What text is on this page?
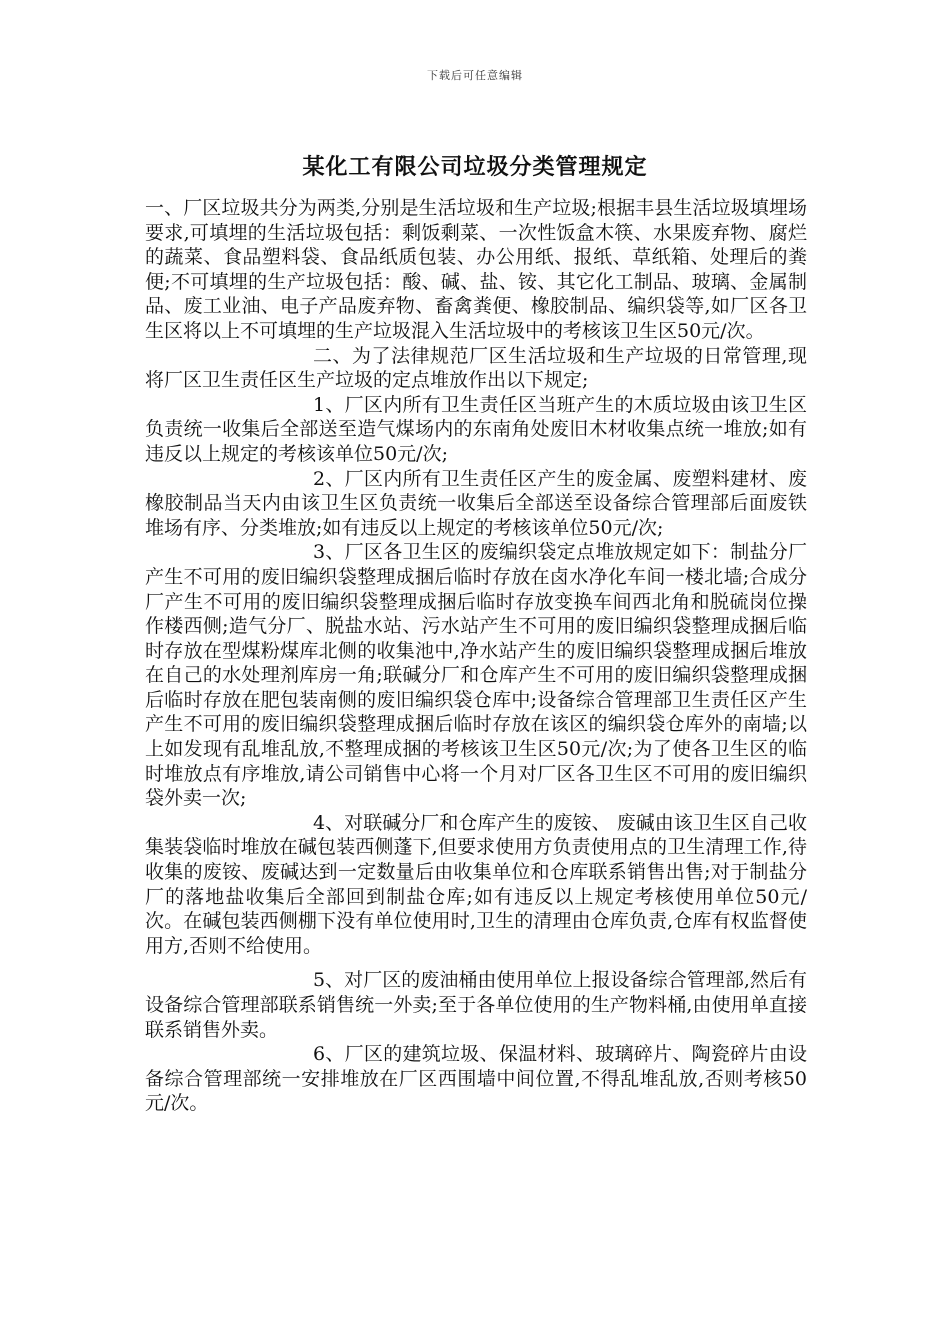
下载后可任意编辑
某化工有限公司垃圾分类管理规定

一、厂区垃圾共分为两类,分别是生活垃圾和生产垃圾;根据丰县生活垃圾填埋场要求,可填埋的生活垃圾包括：剩饭剩菜、一次性饭盒木筷、水果废弃物、腐烂的蔬菜、食品塑料袋、食品纸质包装、办公用纸、报纸、草纸箱、处理后的粪便;不可填埋的生产垃圾包括：酸、碱、盐、铵、其它化工制品、玻璃、金属制品、废工业油、电子产品废弃物、畜禽粪便、橡胶制品、编织袋等,如厂区各卫生区将以上不可填埋的生产垃圾混入生活垃圾中的考核该卫生区50元/次。

二、为了法律规范厂区生活垃圾和生产垃圾的日常管理,现将厂区卫生责任区生产垃圾的定点堆放作出以下规定;

1、厂区内所有卫生责任区当班产生的木质垃圾由该卫生区负责统一收集后全部送至造气煤场内的东南角处废旧木材收集点统一堆放;如有违反以上规定的考核该单位50元/次;

2、厂区内所有卫生责任区产生的废金属、废塑料建材、废橡胶制品当天内由该卫生区负责统一收集后全部送至设备综合管理部后面废铁堆场有序、分类堆放;如有违反以上规定的考核该单位50元/次;

3、厂区各卫生区的废编织袋定点堆放规定如下：制盐分厂产生不可用的废旧编织袋整理成捆后临时存放在卤水净化车间一楼北墙;合成分厂产生不可用的废旧编织袋整理成捆后临时存放变换车间西北角和脱硫岗位操作楼西侧;造气分厂、脱盐水站、污水站产生不可用的废旧编织袋整理成捆后临时存放在型煤粉煤库北侧的收集池中,净水站产生的废旧编织袋整理成捆后堆放在自己的水处理剂库房一角;联碱分厂和仓库产生不可用的废旧编织袋整理成捆后临时存放在肥包装南侧的废旧编织袋仓库中;设备综合管理部卫生责任区产生产生不可用的废旧编织袋整理成捆后临时存放在该区的编织袋仓库外的南墙;以上如发现有乱堆乱放,不整理成捆的考核该卫生区50元/次;为了使各卫生区的临时堆放点有序堆放,请公司销售中心将一个月对厂区各卫生区不可用的废旧编织袋外卖一次;

4、对联碱分厂和仓库产生的废铵、 废碱由该卫生区自己收集装袋临时堆放在碱包装西侧蓬下,但要求使用方负责使用点的卫生清理工作,待收集的废铵、废碱达到一定数量后由收集单位和仓库联系销售出售;对于制盐分厂的落地盐收集后全部回到制盐仓库;如有违反以上规定考核使用单位50元/次。在碱包装西侧棚下没有单位使用时,卫生的清理由仓库负责,仓库有权监督使用方,否则不给使用。

5、对厂区的废油桶由使用单位上报设备综合管理部,然后有设备综合管理部联系销售统一外卖;至于各单位使用的生产物料桶,由使用单直接联系销售外卖。

6、厂区的建筑垃圾、保温材料、玻璃碎片、陶瓷碎片由设备综合管理部统一安排堆放在厂区西围墙中间位置,不得乱堆乱放,否则考核50元/次。
